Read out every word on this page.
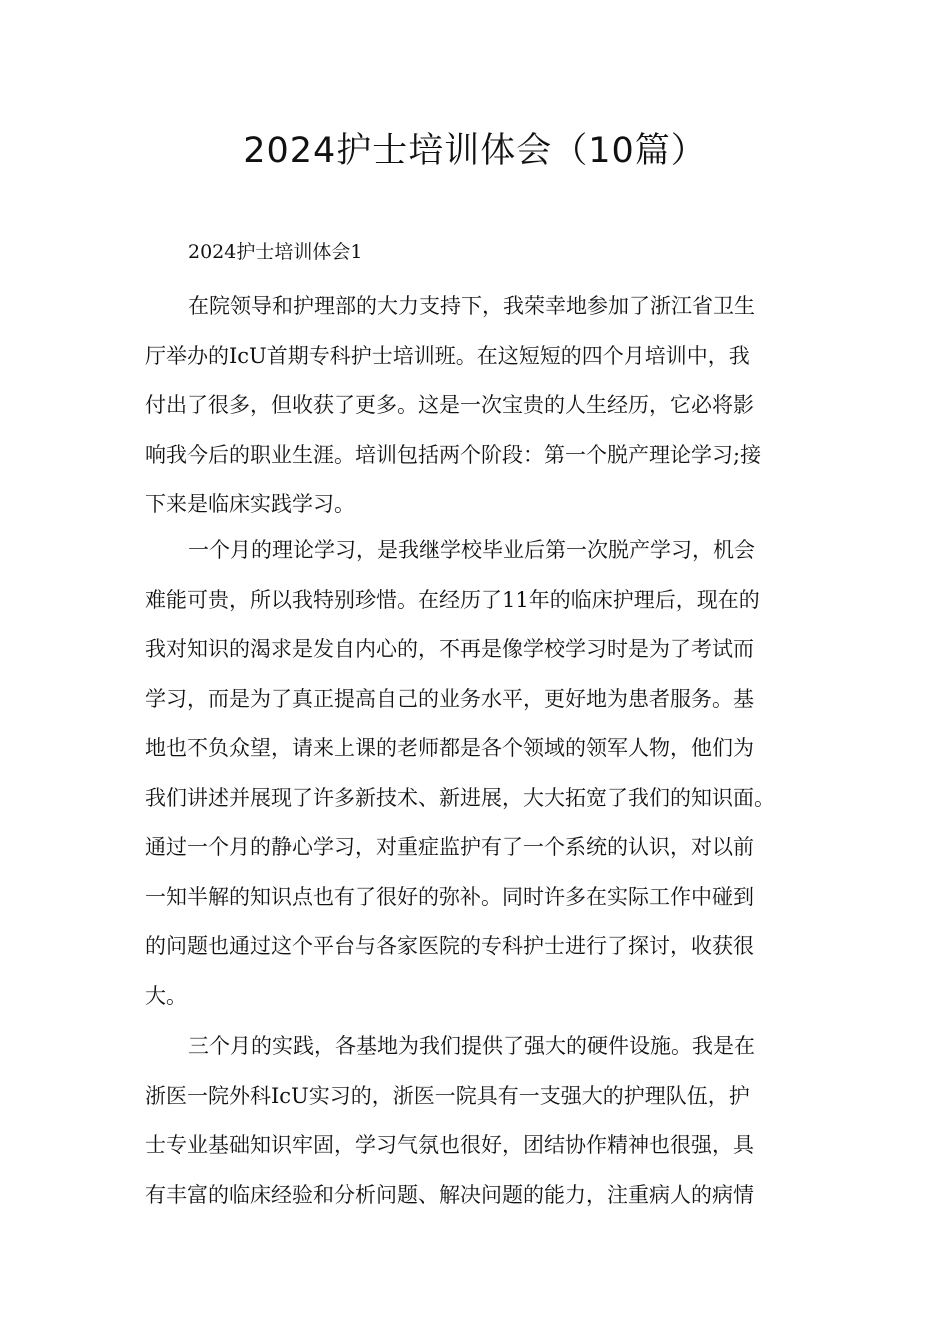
2024护士培训体会（10篇）

2024护士培训体会1

在院领导和护理部的大力支持下，我荣幸地参加了浙江省卫生
厅举办的IcU首期专科护士培训班。在这短短的四个月培训中，我
付出了很多，但收获了更多。这是一次宝贵的人生经历，它必将影
响我今后的职业生涯。培训包括两个阶段：第一个脱产理论学习;接
下来是临床实践学习。

一个月的理论学习，是我继学校毕业后第一次脱产学习，机会
难能可贵，所以我特别珍惜。在经历了11年的临床护理后，现在的
我对知识的渴求是发自内心的，不再是像学校学习时是为了考试而
学习，而是为了真正提高自己的业务水平，更好地为患者服务。基
地也不负众望，请来上课的老师都是各个领域的领军人物，他们为
我们讲述并展现了许多新技术、新进展，大大拓宽了我们的知识面。
通过一个月的静心学习，对重症监护有了一个系统的认识，对以前
一知半解的知识点也有了很好的弥补。同时许多在实际工作中碰到
的问题也通过这个平台与各家医院的专科护士进行了探讨，收获很
大。

三个月的实践，各基地为我们提供了强大的硬件设施。我是在
浙医一院外科IcU实习的，浙医一院具有一支强大的护理队伍，护
士专业基础知识牢固，学习气氛也很好，团结协作精神也很强，具
有丰富的临床经验和分析问题、解决问题的能力，注重病人的病情
